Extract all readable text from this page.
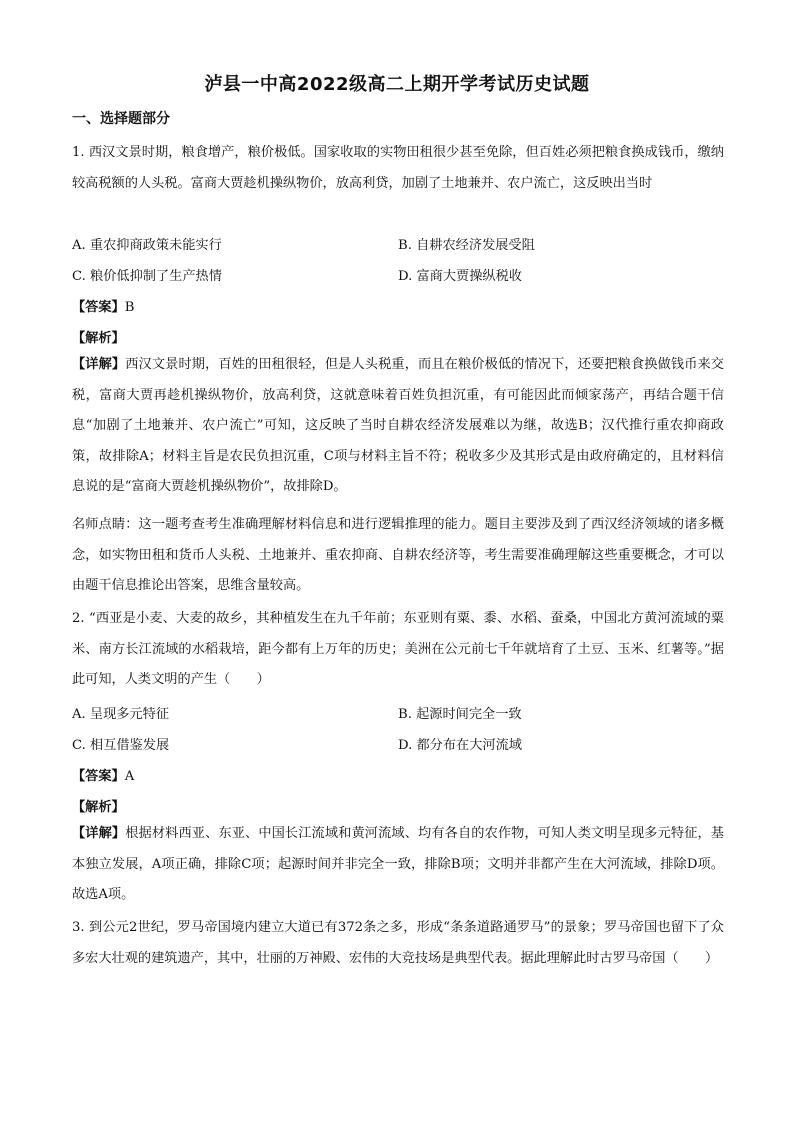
泸县一中高2022级高二上期开学考试历史试题
一、选择题部分
1. 西汉文景时期，粮食增产，粮价极低。国家收取的实物田租很少甚至免除，但百姓必须把粮食换成钱币，缴纳较高税额的人头税。富商大贾趁机操纵物价，放高利贷，加剧了土地兼并、农户流亡，这反映出当时
A. 重农抑商政策未能实行	B. 自耕农经济发展受阻
C. 粮价低抑制了生产热情	D. 富商大贾操纵税收
【答案】B
【解析】
【详解】西汉文景时期，百姓的田租很轻，但是人头税重，而且在粮价极低的情况下，还要把粮食换做钱币来交税，富商大贾再趁机操纵物价，放高利贷，这就意味着百姓负担沉重，有可能因此而倾家荡产，再结合题干信息“加剧了土地兼并、农户流亡”可知，这反映了当时自耕农经济发展难以为继，故选B；汉代推行重农抑商政策，故排除A；材料主旨是农民负担沉重，C项与材料主旨不符；税收多少及其形式是由政府确定的，且材料信息说的是“富商大贾趁机操纵物价”，故排除D。
名师点睛：这一题考查考生准确理解材料信息和进行逻辑推理的能力。题目主要涉及到了西汉经济领域的诸多概念，如实物田租和货币人头税、土地兼并、重农抑商、自耕农经济等，考生需要准确理解这些重要概念，才可以由题干信息推论出答案，思维含量较高。
2. “西亚是小麦、大麦的故乡，其种植发生在九千年前；东亚则有粟、黍、水稻、蚕桑，中国北方黄河流域的粟米、南方长江流域的水稻栽培，距今都有上万年的历史；美洲在公元前七千年就培育了土豆、玉米、红薯等。”据此可知，人类文明的产生（　　）
A. 呈现多元特征	B. 起源时间完全一致
C. 相互借鉴发展	D. 都分布在大河流域
【答案】A
【解析】
【详解】根据材料西亚、东亚、中国长江流域和黄河流域、均有各自的农作物，可知人类文明呈现多元特征，基本独立发展，A项正确，排除C项；起源时间并非完全一致，排除B项；文明并非都产生在大河流域，排除D项。故选A项。
3. 到公元2世纪，罗马帝国境内建立大道已有372条之多，形成“条条道路通罗马”的景象；罗马帝国也留下了众多宏大壮观的建筑遗产，其中，壮丽的万神殿、宏伟的大竞技场是典型代表。据此理解此时古罗马帝国（　　）
